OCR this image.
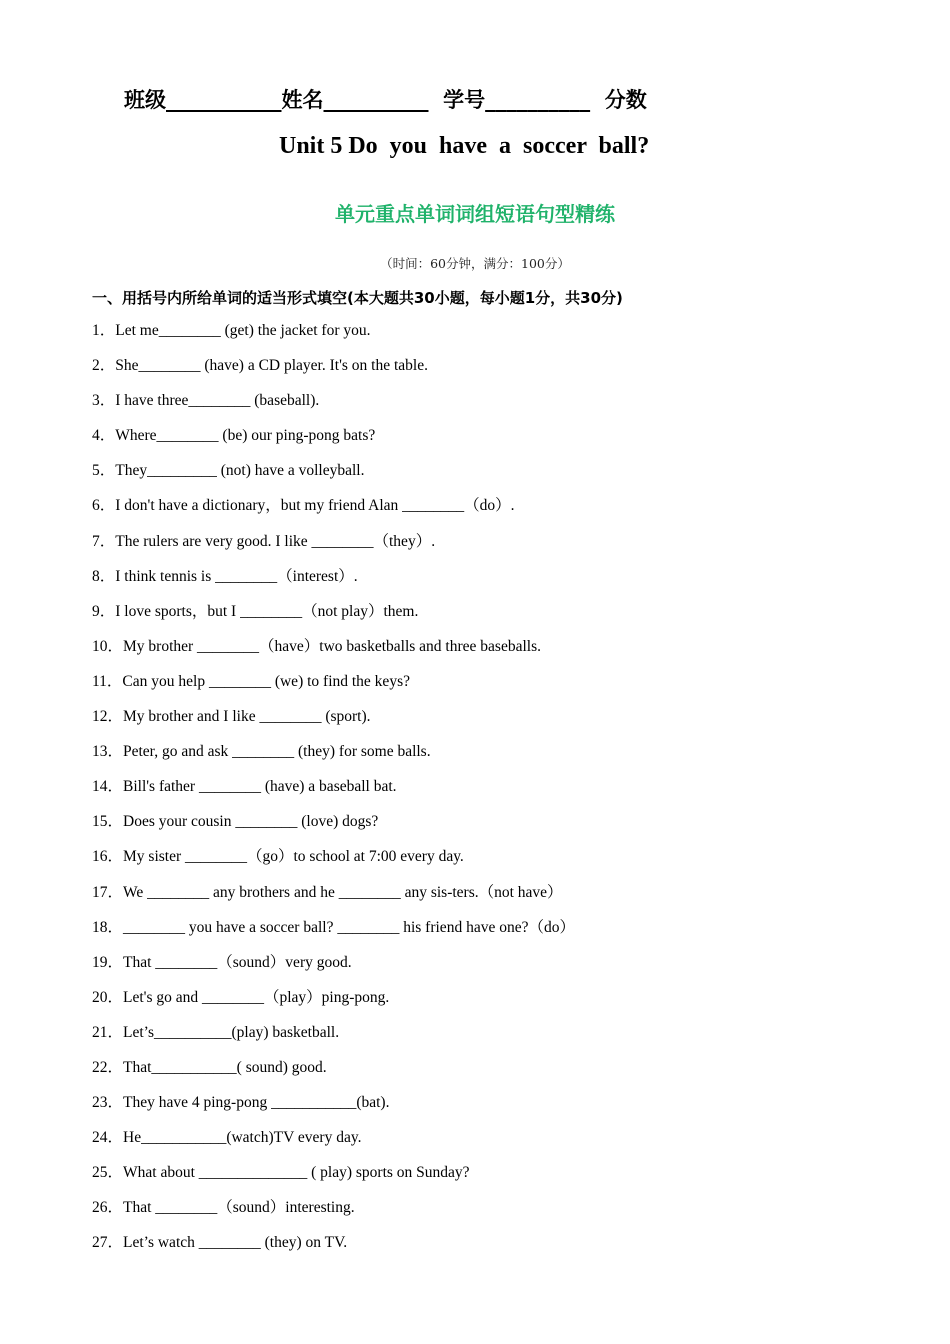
班级___________姓名__________  学号__________  分数
Unit 5 Do  you  have  a  soccer  ball?
单元重点单词词组短语句型精练
（时间：60分钟，满分：100分）
一、用括号内所给单词的适当形式填空(本大题共30小题，每小题1分，共30分)
1．Let me________ (get) the jacket for you.
2．She________ (have) a CD player. It's on the table.
3．I have three________ (baseball).
4．Where________ (be) our ping-pong bats?
5．They_________ (not) have a volleyball.
6．I don't have a dictionary，but my friend Alan ________（do）.
7．The rulers are very good. I like ________（they）.
8．I think tennis is ________（interest）.
9．I love sports，but I ________（not play）them.
10．My brother ________（have）two basketballs and three baseballs.
11．Can you help ________ (we) to find the keys?
12．My brother and I like ________ (sport).
13．Peter, go and ask ________ (they) for some balls.
14．Bill's father ________ (have) a baseball bat.
15．Does your cousin ________ (love) dogs?
16．My sister ________（go）to school at 7:00 every day.
17．We ________ any brothers and he ________ any sis-ters.（not have）
18．________ you have a soccer ball? ________ his friend have one?（do）
19．That ________（sound）very good.
20．Let's go and ________（play）ping-pong.
21．Let’s__________(play) basketball.
22．That___________( sound) good.
23．They have 4 ping-pong ___________(bat).
24．He___________(watch)TV every day.
25．What about ______________ ( play) sports on Sunday?
26．That ________（sound）interesting.
27．Let’s watch ________ (they) on TV.
